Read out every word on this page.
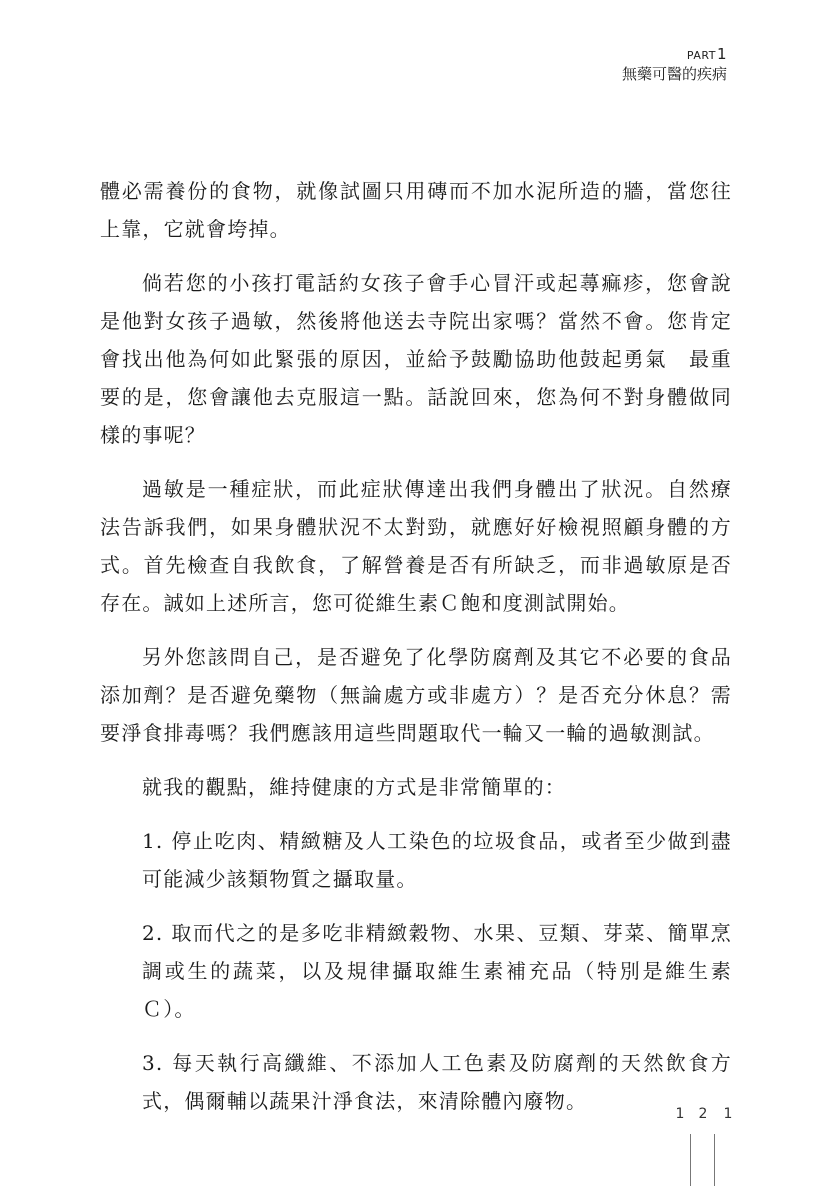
PART1
無藥可醫的疾病

體必需養份的食物，就像試圖只用磚而不加水泥所造的牆，當您往上靠，它就會垮掉。

倘若您的小孩打電話約女孩子會手心冒汗或起蕁痲疹，您會說是他對女孩子過敏，然後將他送去寺院出家嗎？當然不會。您肯定會找出他為何如此緊張的原因，並給予鼓勵協助他鼓起勇氣　最重要的是，您會讓他去克服這一點。話說回來，您為何不對身體做同樣的事呢？

過敏是一種症狀，而此症狀傳達出我們身體出了狀況。自然療法告訴我們，如果身體狀況不太對勁，就應好好檢視照顧身體的方式。首先檢查自我飲食，了解營養是否有所缺乏，而非過敏原是否存在。誠如上述所言，您可從維生素Ｃ飽和度測試開始。

另外您該問自己，是否避免了化學防腐劑及其它不必要的食品添加劑？是否避免藥物（無論處方或非處方）？是否充分休息？需要淨食排毒嗎？我們應該用這些問題取代一輪又一輪的過敏測試。

就我的觀點，維持健康的方式是非常簡單的：

1. 停止吃肉、精緻糖及人工染色的垃圾食品，或者至少做到盡可能減少該類物質之攝取量。

2. 取而代之的是多吃非精緻穀物、水果、豆類、芽菜、簡單烹調或生的蔬菜，以及規律攝取維生素補充品（特別是維生素Ｃ）。

3. 每天執行高纖維、不添加人工色素及防腐劑的天然飲食方式，偶爾輔以蔬果汁淨食法，來清除體內廢物。

1	2	1
